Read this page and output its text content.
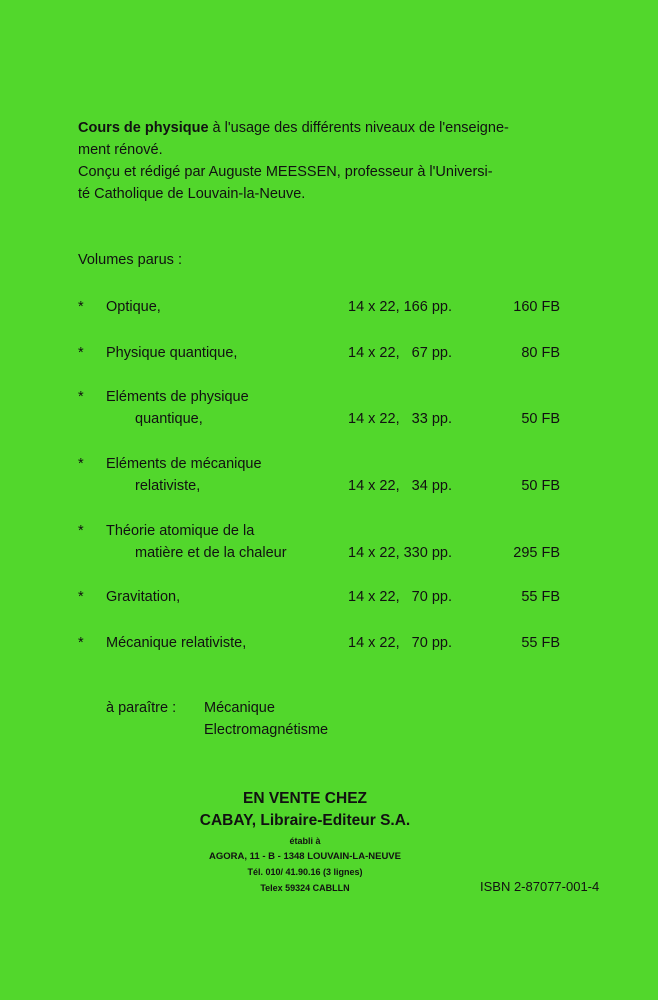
Cours de physique à l'usage des différents niveaux de l'enseigne-
ment rénové.
Conçu et rédigé par Auguste MEESSEN, professeur à l'Universi-
té Catholique de Louvain-la-Neuve.

Volumes parus :

*	Optique,	14 x 22, 166 pp.	160 FB
*	Physique quantique,	14 x 22,   67 pp.	80 FB
*	Eléments de physique
quantique,	14 x 22,   33 pp.	50 FB
*	Eléments de mécanique
relativiste,	14 x 22,   34 pp.	50 FB
*	Théorie atomique de la
matière et de la chaleur	14 x 22, 330 pp.	295 FB
*	Gravitation,	14 x 22,   70 pp.	55 FB
*	Mécanique relativiste,	14 x 22,   70 pp.	55 FB
à paraître : Mécanique
Electromagnétisme
EN VENTE CHEZ
CABAY, Libraire-Editeur S.A.
établi à
AGORA, 11 - B - 1348 LOUVAIN-LA-NEUVE
Tél. 010/ 41.90.16 (3 lignes)
Telex 59324 CABLLN	ISBN 2-87077-001-4
